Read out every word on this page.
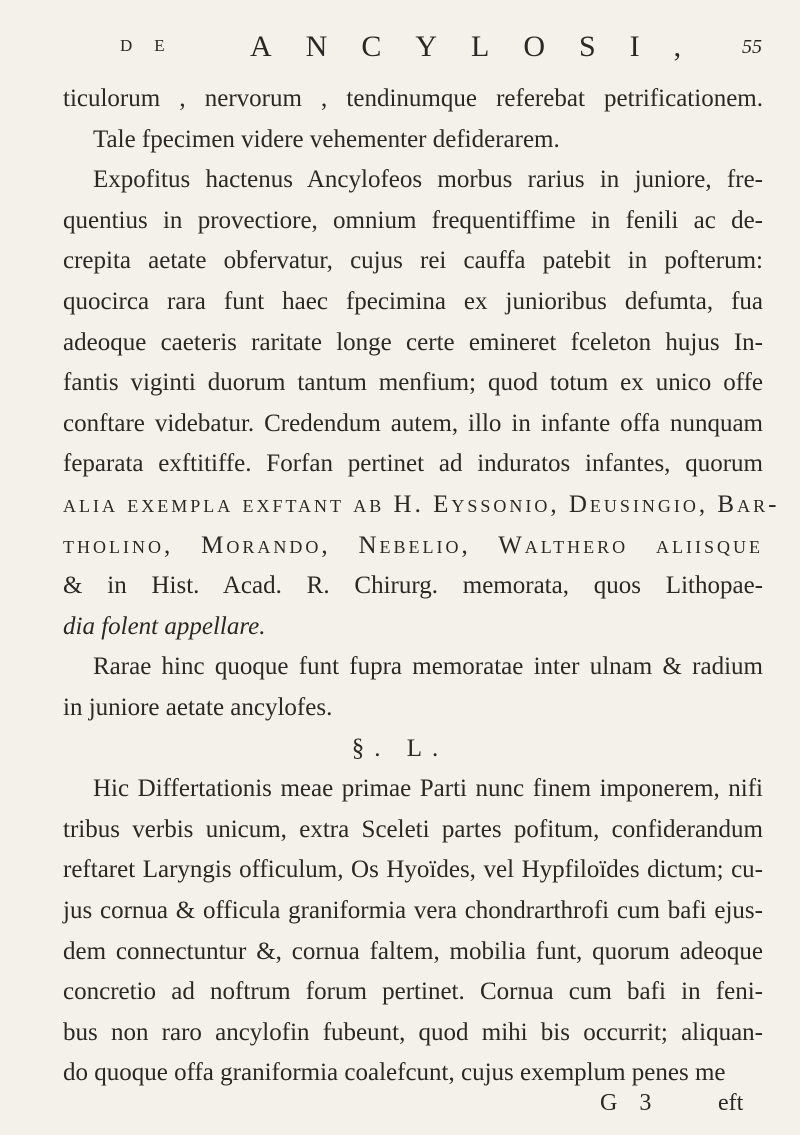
DE ANCYLOSI, 55
G 3 eft
ticulorum , nervorum , tendinumque referebat petrificationem.
Tale fpecimen videre vehementer defiderarem.
Expofitus hactenus Ancylofeos morbus rarius in juniore, fre-
quentius in provectiore, omnium frequentiffime in fenili ac de-
crepita aetate obfervatur, cujus rei cauffa patebit in pofterum:
quocirca rara funt haec fpecimina ex junioribus defumta, fua
adeoque caeteris raritate longe certe emineret fceleton hujus In-
fantis viginti duorum tantum menfium; quod totum ex unico offe
conftare videbatur. Credendum autem, illo in infante offa nunquam
feparata exftitiffe. Forfan pertinet ad induratos infantes, quorum
alia exempla exftant ab H. Eyssonio, Deusingio, Bar-
tholino, Morando, Nebelio, Walthero aliisque
& in Hist. Acad. R. Chirurg. memorata, quos Lithopae-
dia folent appellare.
Rarae hinc quoque funt fupra memoratae inter ulnam & radium
in juniore aetate ancylofes.
§. L.
Hic Differtationis meae primae Parti nunc finem imponerem, nifi
tribus verbis unicum, extra Sceleti partes pofitum, confiderandum
reftaret Laryngis officulum, Os Hyoïdes, vel Hypfiloïdes dictum; cu-
jus cornua & officula graniformia vera chondrarthrofi cum bafi ejus-
dem connectuntur &, cornua faltem, mobilia funt, quorum adeoque
concretio ad noftrum forum pertinet. Cornua cum bafi in feni-
bus non raro ancylofin fubeunt, quod mihi bis occurrit; aliquan-
do quoque offa graniformia coalefcunt, cujus exemplum penes me
